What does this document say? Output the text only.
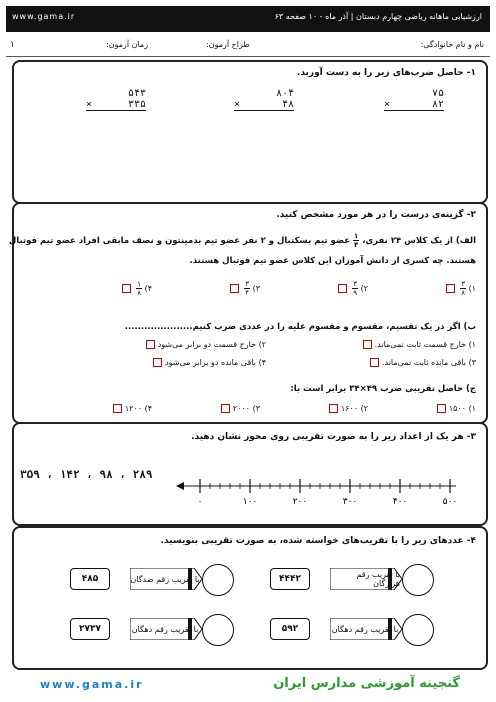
www.gama.ir	ارزشیابی ماهانه ریاضی چهارم دبستان | آذر ماه - ۱۰ صفحه ۶۳
نام و نام خانوادگی:
طراح آزمون:
زمان آزمون:
۱
۱- حاصل ضرب‌های زیر را به دست آورید.
۷۵
×	۸۲
۸۰۴
×	۴۸
۵۴۳
×	۳۳۵
۲- گزینه‌ی درست را در هر مورد مشخص کنید.
الف) از یک کلاس ۲۴ نفری،
$\frac{۱}{۴}$ عضو تیم بسکتبال و ۲ نفر عضو تیم بدمینتون و نصف مابقی افراد عضو تیم فوتبال
هستند. چه کسری از دانش آموزان این کلاس عضو تیم فوتبال هستند.
۱)
$\frac{۳}{۸}$
۲)
$\frac{۳}{۹}$
۳)
$\frac{۳}{۴}$
۴)
$\frac{۱}{۸}$
ب) اگر در یک تقسیم، مقسوم و مقسوم علیه را در عددی ضرب کنیم.....................
۱) خارج قسمت ثابت نمی‌ماند.
۲) خارج قسمت دو برابر می‌شود
۳) باقی مانده ثابت نمی‌ماند.
۴) باقی مانده دو برابر می‌شود
ج) حاصل تقریبی ضرب ۴۹×۳۴ برابر است با:
۱) ۱۵۰۰
۲) ۱۶۰۰
۳) ۲۰۰۰
۴) ۱۲۰۰
۳- هر یک از اعداد زیر را به صورت تقریبی روی محور نشان دهید.
۲۸۹ ، ۹۸ ، ۱۴۲ ، ۳۵۹
۰	۱۰۰	۲۰۰	۳۰۰	۴۰۰	۵۰۰
۴- عددهای زیر را با تقریب‌های خواسته شده، به صورت تقریبی بنویسید.
با تقریب رقم هزارگان
۴۴۴۲
با تقریب رقم صدگان
۴۸۵
با تقریب رقم دهگان
۵۹۲
با تقریب رقم دهگان
۲۷۳۷
www.gama.ir	گنجینه آموزشی مدارس ایران
